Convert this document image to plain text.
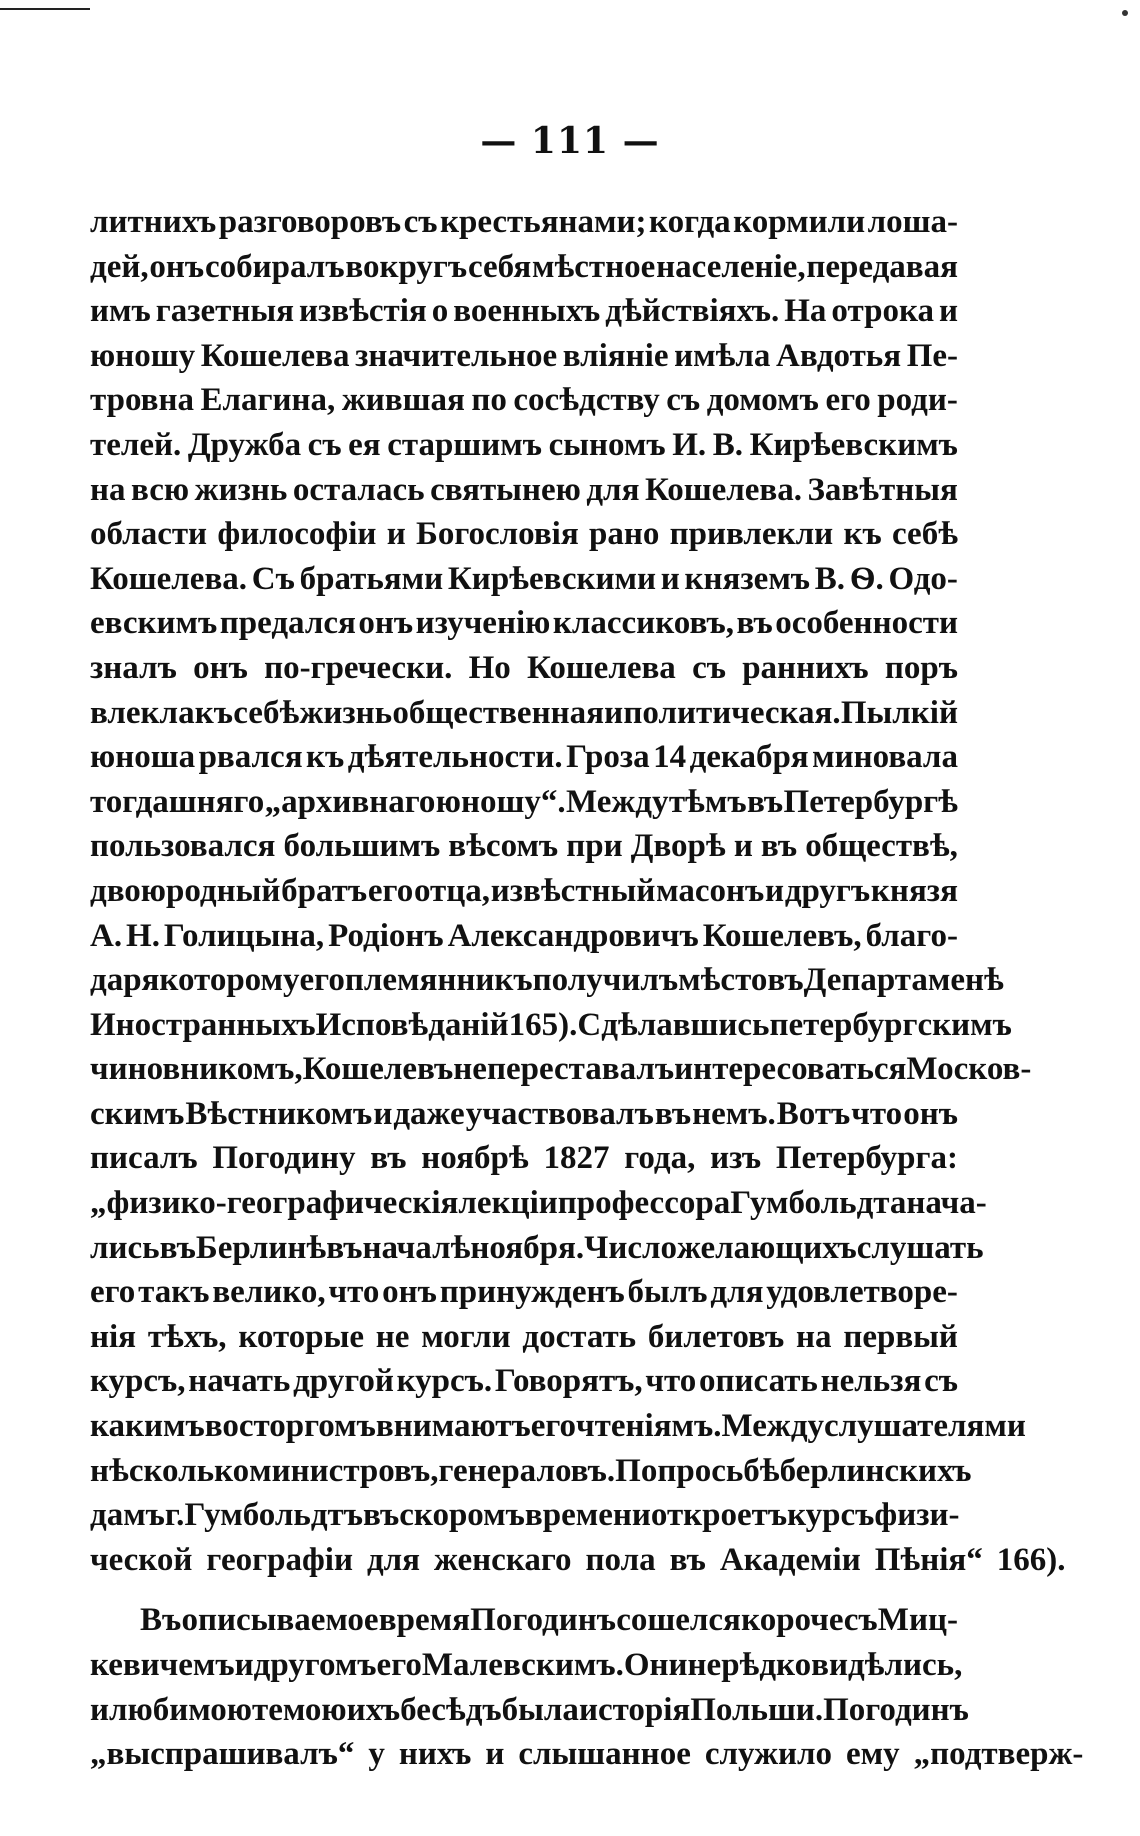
— 111 —
литнихъ разговоровъ съ крестьянами; когда кормили лоша-
дей, онъ собиралъ вокругъ себя мѣстное населеніе, передавая
имъ газетныя извѣстія о военныхъ дѣйствіяхъ. На отрока и
юношу Кошелева значительное вліяніе имѣла Авдотья Пе-
тровна Елагина, жившая по сосѣдству съ домомъ его роди-
телей. Дружба съ ея старшимъ сыномъ И. В. Кирѣевскимъ
на всю жизнь осталась святынею для Кошелева. Завѣтныя
области философіи и Богословія рано привлекли къ себѣ
Кошелева. Съ братьями Кирѣевскими и княземъ В. Ѳ. Одо-
евскимъ предался онъ изученію классиковъ, въ особенности
зналъ онъ по-гречески. Но Кошелева съ раннихъ поръ
влекла къ себѣ жизнь общественная и политическая. Пылкій
юноша рвался къ дѣятельности. Гроза 14 декабря миновала
тогдашняго „архивнаго юношу“. Между тѣмъ въ Петербургѣ
пользовался большимъ вѣсомъ при Дворѣ и въ обществѣ,
двоюродный братъ его отца, извѣстный масонъ и другъ князя
А. Н. Голицына, Родіонъ Александровичъ Кошелевъ, благо-
даря которому его племянникъ получилъ мѣсто въ Департаменѣ
Иностранныхъ Исповѣданій 165). Сдѣлавшись петербургскимъ
чиновникомъ, Кошелевъ не переставалъ интересоваться Москов-
скимъ Вѣстникомъ и даже участвовалъ въ немъ. Вотъ что онъ
писалъ Погодину въ ноябрѣ 1827 года, изъ Петербурга:
„физико-географическія лекціи профессора Гумбольдта нача-
лись въ Берлинѣ въ началѣ ноября. Число желающихъ слушать
его такъ велико, что онъ принужденъ былъ для удовлетворе-
нія тѣхъ, которые не могли достать билетовъ на первый
курсъ, начать другой курсъ. Говорятъ, что описать нельзя съ
какимъ восторгомъ внимаютъ его чтеніямъ. Между слушателями
нѣсколько министровъ, генераловъ. По просьбѣ берлинскихъ
дамъ г. Гумбольдтъ въ скоромъ времени откроетъ курсъ физи-
ческой географіи для женскаго пола въ Академіи Пѣнія“ 166).
Въ описываемое время Погодинъ сошелся короче съ Миц-
кевичемъ и другомъ его Малевскимъ. Они нерѣдко видѣлись,
и любимою темою ихъ бесѣдъ была исторія Польши. Погодинъ
„выспрашивалъ“ у нихъ и слышанное служило ему „подтверж-
